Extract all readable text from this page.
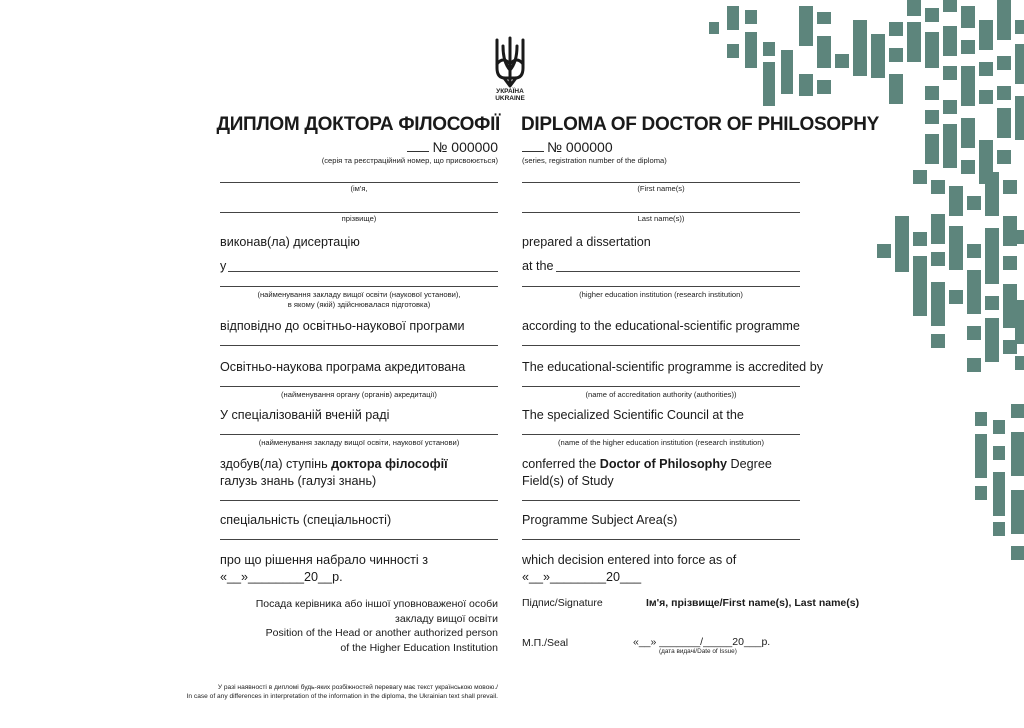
УКРАЇНА
UKRAINE
ДИПЛОМ ДОКТОРА ФІЛОСОФІЇ DIPLOMA OF DOCTOR OF PHILOSOPHY
№ 000000
(серія та реєстраційний номер, що присвоюється)
№ 000000
(series, registration number of the diploma)
(ім'я,
прізвище)
виконав(ла) дисертацію
у
(найменування закладу вищої освіти (наукової установи),
в якому (якій) здійснювалася підготовка)
відповідно до освітньо-наукової програми
Освітньо-наукова програма акредитована
(найменування органу (органів) акредитації)
У спеціалізованій вченій раді
(найменування закладу вищої освіти, наукової установи)
здобув(ла) ступінь доктора філософії
галузь знань (галузі знань)
спеціальність (спеціальності)
про що рішення набрало чинності з
«__»________20__р.
Посада керівника або іншої уповноваженої особи
закладу вищої освіти
Position of the Head or another authorized person
of the Higher Education Institution
У разі наявності в дипломі будь-яких розбіжностей перевагу має текст українською мовою./
In case of any differences in interpretation of the information in the diploma, the Ukrainian text shall prevail.
(First name(s)
Last name(s))
prepared a dissertation
at the
(higher education institution (research institution)
according to the educational-scientific programme
The educational-scientific programme is accredited by
(name of accreditation authority (authorities))
The specialized Scientific Council at the
(name of the higher education institution (research institution)
conferred the Doctor of Philosophy Degree
Field(s) of Study
Programme Subject Area(s)
which decision entered into force as of
«__»________20___
Підпис/Signature	Ім'я, прізвище/First name(s), Last name(s)
М.П./Seal	«__» _______/_____20___р.
(дата видачі/Date of Issue)
